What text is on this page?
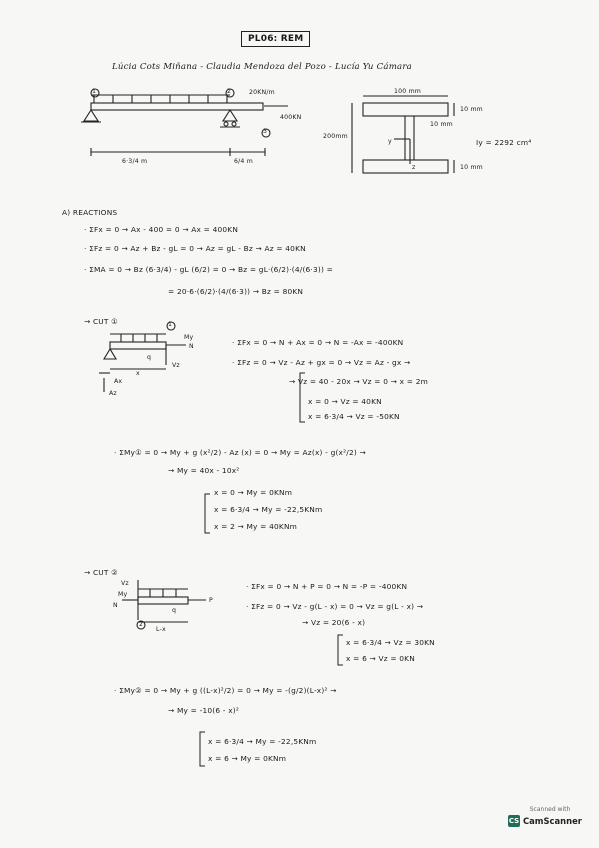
PL06: REM
Lúcia Cots Miñana - Claudia Mendoza del Pozo - Lucía Yu Cámara
1	2
3
20KN/m
400KN
6·3/4 m	6/4 m
100 mm
10 mm
10 mm
200mm
10 mm
Iy = 2292 cm⁴
y
z
A) REACTIONS
· ΣFx = 0 → Ax - 400 = 0 → Ax = 400KN
· ΣFz = 0 → Az + Bz - gL = 0 → Az = gL - Bz → Az = 40KN
· ΣMA = 0 → Bz (6·3/4) - gL (6/2) = 0 → Bz = gL·(6/2)·(4/(6·3)) =
= 20·6·(6/2)·(4/(6·3)) → Bz = 80KN
→ CUT ①	1
My
N
Vz
q
x
Ax
Az
· ΣFx = 0 → N + Ax = 0 → N = -Ax = -400KN
· ΣFz = 0 → Vz - Az + gx = 0 → Vz = Az - gx →
→ Vz = 40 - 20x → Vz = 0 → x = 2m
x = 0 → Vz = 40KN
x = 6·3/4 → Vz = -50KN
· ΣMy① = 0 → My + g (x²/2) - Az (x) = 0 → My = Az(x) - g(x²/2) →
→ My = 40x - 10x²
x = 0 → My = 0KNm
x = 6·3/4 → My = -22,5KNm
x = 2 → My = 40KNm
→ CUT ②
Vz
My
N
P
q
L-x
2
· ΣFx = 0 → N + P = 0 → N = -P = -400KN
· ΣFz = 0 → Vz - g(L - x) = 0 → Vz = g(L - x) →
→ Vz = 20(6 - x)
x = 6·3/4 → Vz = 30KN
x = 6 → Vz = 0KN
· ΣMy② = 0 → My + g ((L-x)²/2) = 0 → My = -(g/2)(L-x)² →
→ My = -10(6 - x)²
x = 6·3/4 → My = -22,5KNm
x = 6 → My = 0KNm
Scanned with
CS CamScanner
